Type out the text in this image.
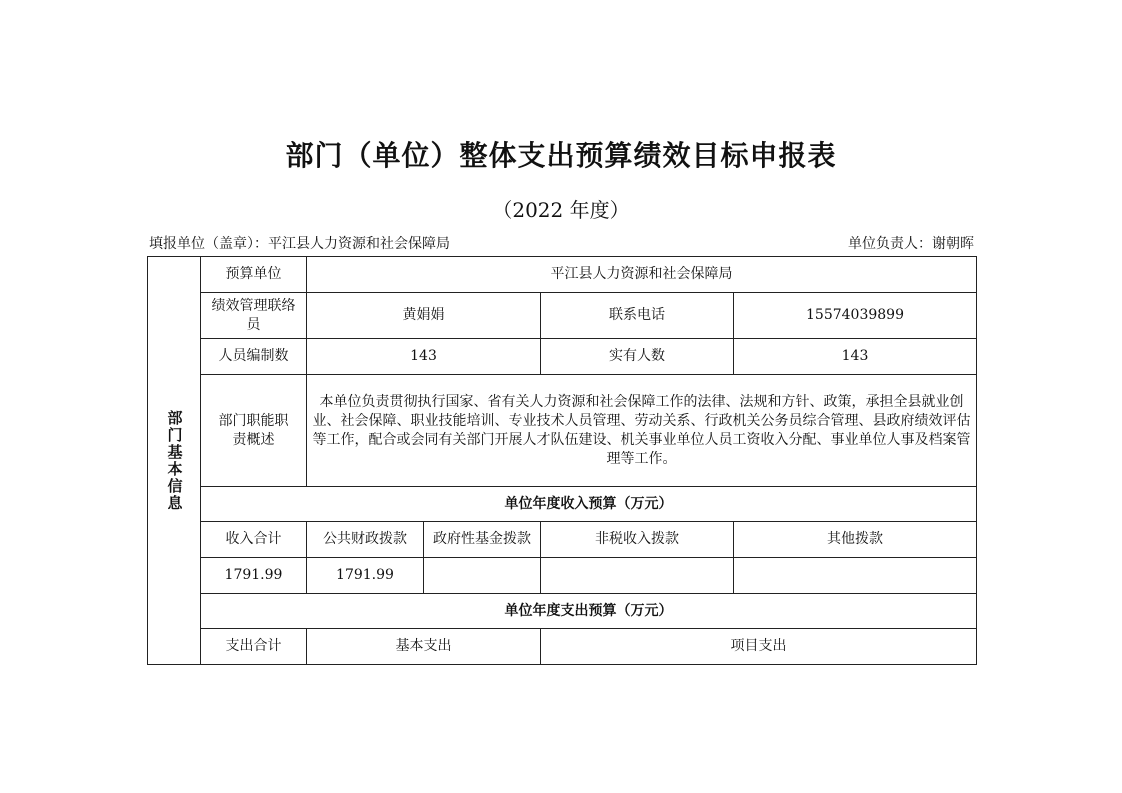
部门（单位）整体支出预算绩效目标申报表
（2022 年度）
填报单位（盖章）：平江县人力资源和社会保障局	单位负责人：谢朝晖
部门基本信息	预算单位	平江县人力资源和社会保障局			
	绩效管理联络员	黄娟娟		联系电话	15574039899
	人员编制数	143		实有人数	143
	部门职能职责概述	本单位负责贯彻执行国家、省有关人力资源和社会保障工作的法律、法规和方针、政策，承担全县就业创业、社会保障、职业技能培训、专业技术人员管理、劳动关系、行政机关公务员综合管理、县政府绩效评估等工作，配合或会同有关部门开展人才队伍建设、机关事业单位人员工资收入分配、事业单位人事及档案管理等工作。			
	单位年度收入预算（万元）				
	收入合计	公共财政拨款	政府性基金拨款	非税收入拨款	其他拨款
	1791.99	1791.99			
	单位年度支出预算（万元）				
	支出合计	基本支出		项目支出	
